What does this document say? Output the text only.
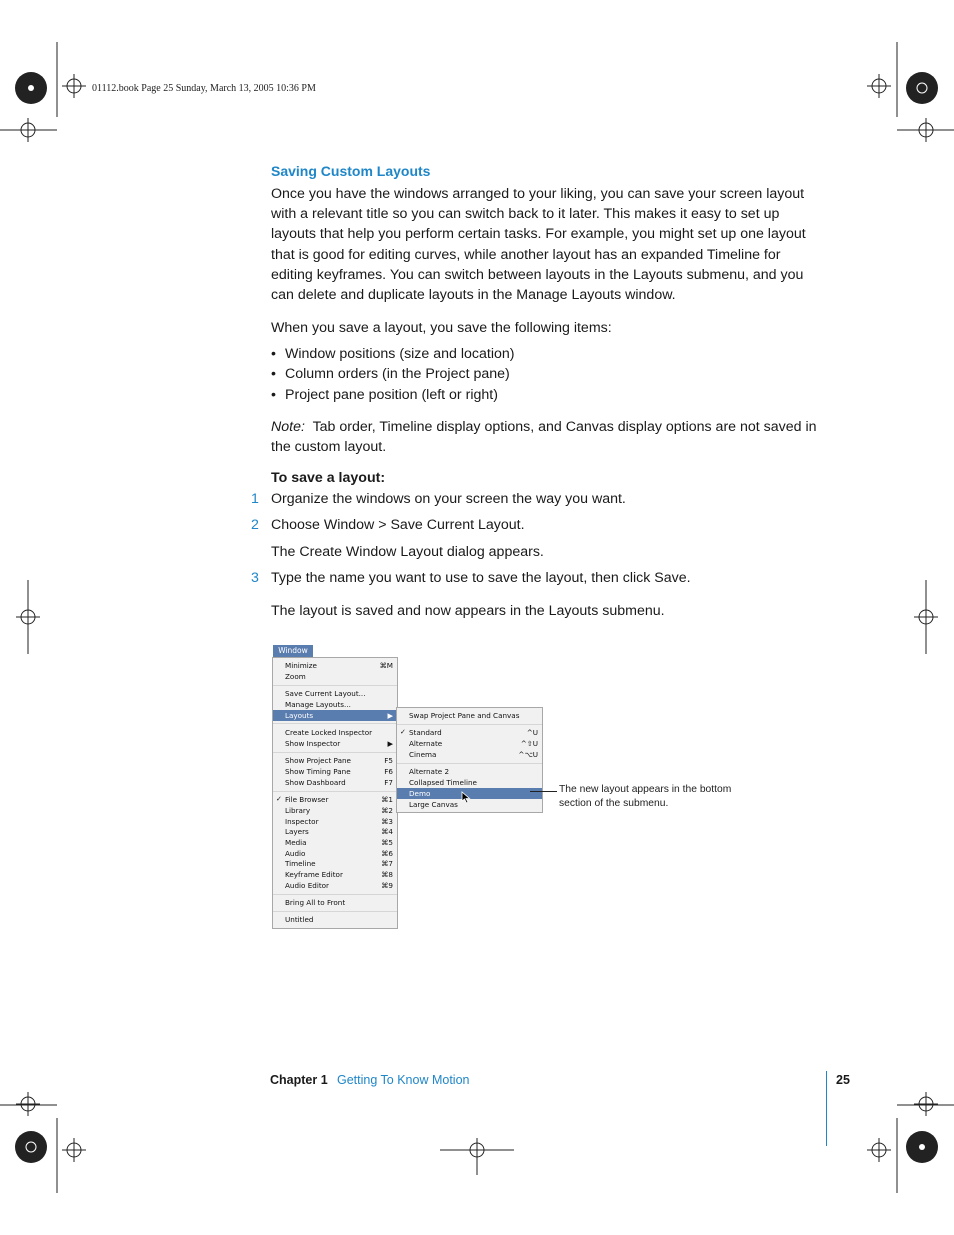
01112.book Page 25 Sunday, March 13, 2005 10:36 PM
Saving Custom Layouts

Once you have the windows arranged to your liking, you can save your screen layout with a relevant title so you can switch back to it later. This makes it easy to set up layouts that help you perform certain tasks. For example, you might set up one layout that is good for editing curves, while another layout has an expanded Timeline for editing keyframes. You can switch between layouts in the Layouts submenu, and you can delete and duplicate layouts in the Manage Layouts window.

When you save a layout, you save the following items:

• Window positions (size and location)
• Column orders (in the Project pane)
• Project pane position (left or right)

Note: Tab order, Timeline display options, and Canvas display options are not saved in the custom layout.

To save a layout:
1 Organize the windows on your screen the way you want.
2 Choose Window > Save Current Layout.
The Create Window Layout dialog appears.
3 Type the name you want to use to save the layout, then click Save.
The layout is saved and now appears in the Layouts submenu.
Window
Minimize	⌘M
Zoom
Save Current Layout...
Manage Layouts...
Layouts	▶
Create Locked Inspector
Show Inspector	▶
Show Project Pane	F5
Show Timing Pane	F6
Show Dashboard	F7
✓ File Browser	⌘1
Library	⌘2
Inspector	⌘3
Layers	⌘4
Media	⌘5
Audio	⌘6
Timeline	⌘7
Keyframe Editor	⌘8
Audio Editor	⌘9
Bring All to Front
Untitled
Swap Project Pane and Canvas
✓ Standard	^U
Alternate	^⇧U
Cinema	^⌥U
Alternate 2
Collapsed Timeline
Demo
Large Canvas
The new layout appears in the bottom section of the submenu.
Chapter 1 Getting To Know Motion	25
